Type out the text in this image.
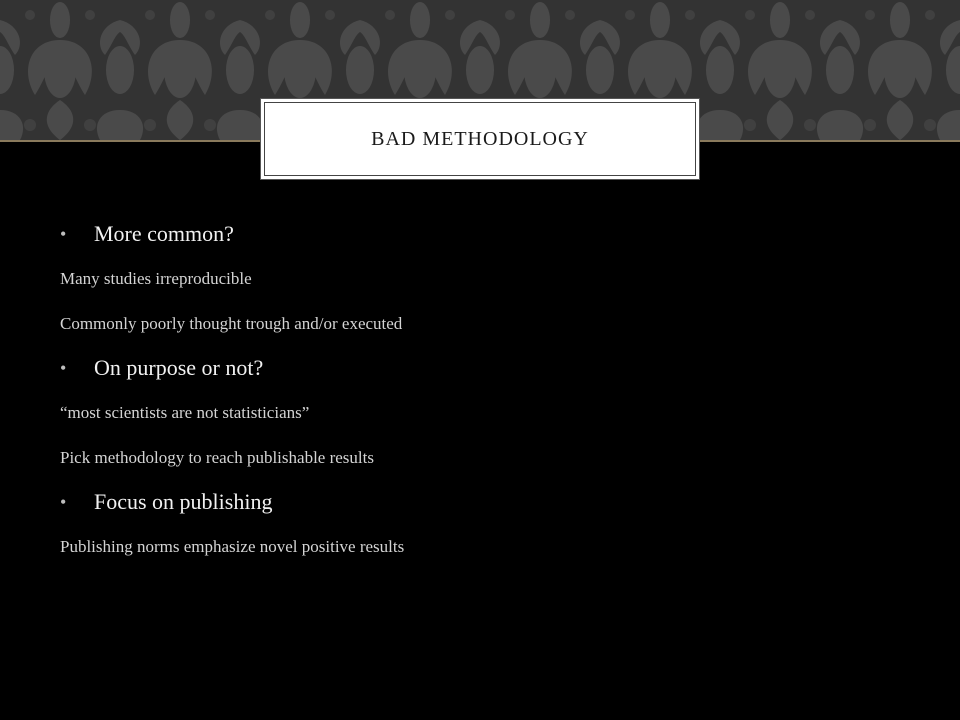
BAD METHODOLOGY
•	More common?
Many studies irreproducible
Commonly poorly thought trough and/or executed
•	On purpose or not?
“most scientists are not statisticians”
Pick methodology to reach publishable results
•	Focus on publishing
Publishing norms emphasize novel positive results
